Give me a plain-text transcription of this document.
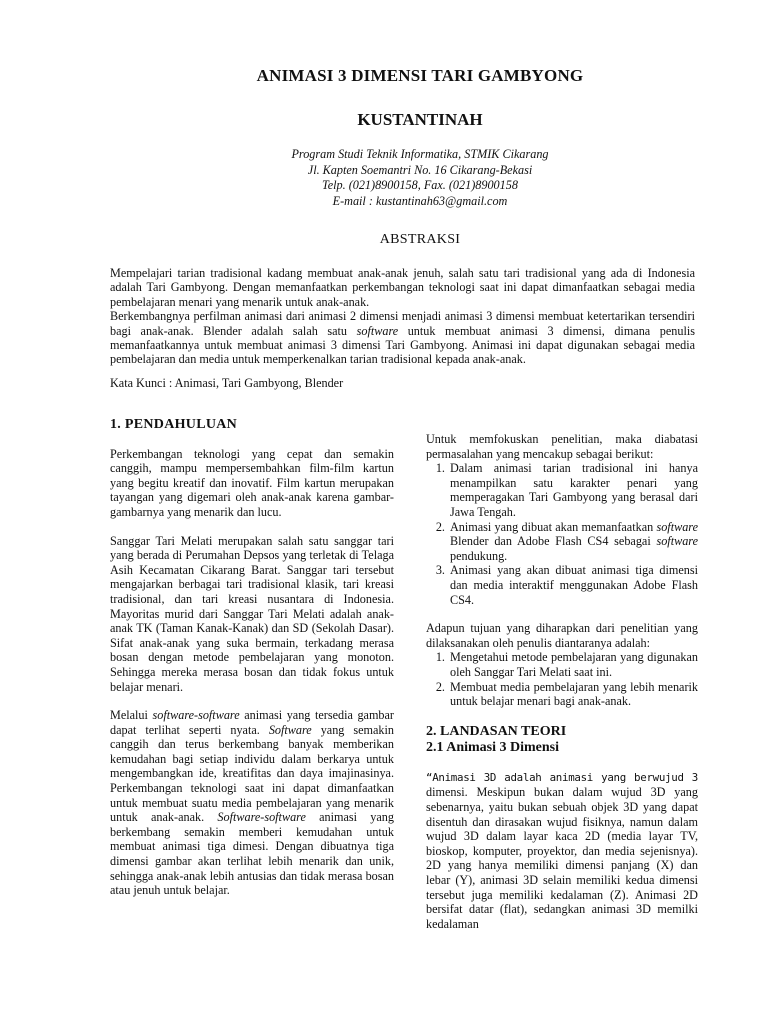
ANIMASI 3 DIMENSI TARI GAMBYONG
KUSTANTINAH
Program Studi Teknik Informatika, STMIK Cikarang
Jl. Kapten Soemantri No. 16 Cikarang-Bekasi
Telp. (021)8900158, Fax. (021)8900158
E-mail : kustantinah63@gmail.com
ABSTRAKSI

Mempelajari tarian tradisional kadang membuat anak-anak jenuh, salah satu tari tradisional yang ada di Indonesia adalah Tari Gambyong. Dengan memanfaatkan perkembangan teknologi saat ini dapat dimanfaatkan sebagai media pembelajaran menari yang menarik untuk anak-anak.

Berkembangnya perfilman animasi dari animasi 2 dimensi menjadi animasi 3 dimensi membuat ketertarikan tersendiri bagi anak-anak. Blender adalah salah satu software untuk membuat animasi 3 dimensi, dimana penulis memanfaatkannya untuk membuat animasi 3 dimensi Tari Gambyong. Animasi ini dapat digunakan sebagai media pembelajaran dan media untuk memperkenalkan tarian tradisional kepada anak-anak.

Kata Kunci : Animasi, Tari Gambyong, Blender
1. PENDAHULUAN

Perkembangan teknologi yang cepat dan semakin canggih, mampu mempersembahkan film-film kartun yang begitu kreatif dan inovatif. Film kartun merupakan tayangan yang digemari oleh anak-anak karena gambar-gambarnya yang menarik dan lucu.

Sanggar Tari Melati merupakan salah satu sanggar tari yang berada di Perumahan Depsos yang terletak di Telaga Asih Kecamatan Cikarang Barat. Sanggar tari tersebut mengajarkan berbagai tari tradisional klasik, tari kreasi tradisional, dan tari kreasi nusantara di Indonesia. Mayoritas murid dari Sanggar Tari Melati adalah anak-anak TK (Taman Kanak-Kanak) dan SD (Sekolah Dasar). Sifat anak-anak yang suka bermain, terkadang merasa bosan dengan metode pembelajaran yang monoton. Sehingga mereka merasa bosan dan tidak fokus untuk belajar menari.

Melalui software-software animasi yang tersedia gambar dapat terlihat seperti nyata. Software yang semakin canggih dan terus berkembang banyak memberikan kemudahan bagi setiap individu dalam berkarya untuk mengembangkan ide, kreatifitas dan daya imajinasinya. Perkembangan teknologi saat ini dapat dimanfaatkan untuk membuat suatu media pembelajaran yang menarik untuk anak-anak. Software-software animasi yang berkembang semakin memberi kemudahan untuk membuat animasi tiga dimesi. Dengan dibuatnya tiga dimensi gambar akan terlihat lebih menarik dan unik, sehingga anak-anak lebih antusias dan tidak merasa bosan atau jenuh untuk belajar.

Untuk memfokuskan penelitian, maka diabatasi permasalahan yang mencakup sebagai berikut:

1. Dalam animasi tarian tradisional ini hanya menampilkan satu karakter penari yang memperagakan Tari Gambyong yang berasal dari Jawa Tengah.
2. Animasi yang dibuat akan memanfaatkan software Blender dan Adobe Flash CS4 sebagai software pendukung.
3. Animasi yang akan dibuat animasi tiga dimensi dan media interaktif menggunakan Adobe Flash CS4.

Adapun tujuan yang diharapkan dari penelitian yang dilaksanakan oleh penulis diantaranya adalah:

1. Mengetahui metode pembelajaran yang digunakan oleh Sanggar Tari Melati saat ini.
2. Membuat media pembelajaran yang lebih menarik untuk belajar menari bagi anak-anak.
2. LANDASAN TEORI
2.1 Animasi 3 Dimensi

“Animasi 3D adalah animasi yang berwujud 3 dimensi. Meskipun bukan dalam wujud 3D yang sebenarnya, yaitu bukan sebuah objek 3D yang dapat disentuh dan dirasakan wujud fisiknya, namun dalam wujud 3D dalam layar kaca 2D (media layar TV, bioskop, komputer, proyektor, dan media sejenisnya). 2D yang hanya memiliki dimensi panjang (X) dan lebar (Y), animasi 3D selain memiliki kedua dimensi tersebut juga memiliki kedalaman (Z). Animasi 2D bersifat datar (flat), sedangkan animasi 3D memilki kedalaman
